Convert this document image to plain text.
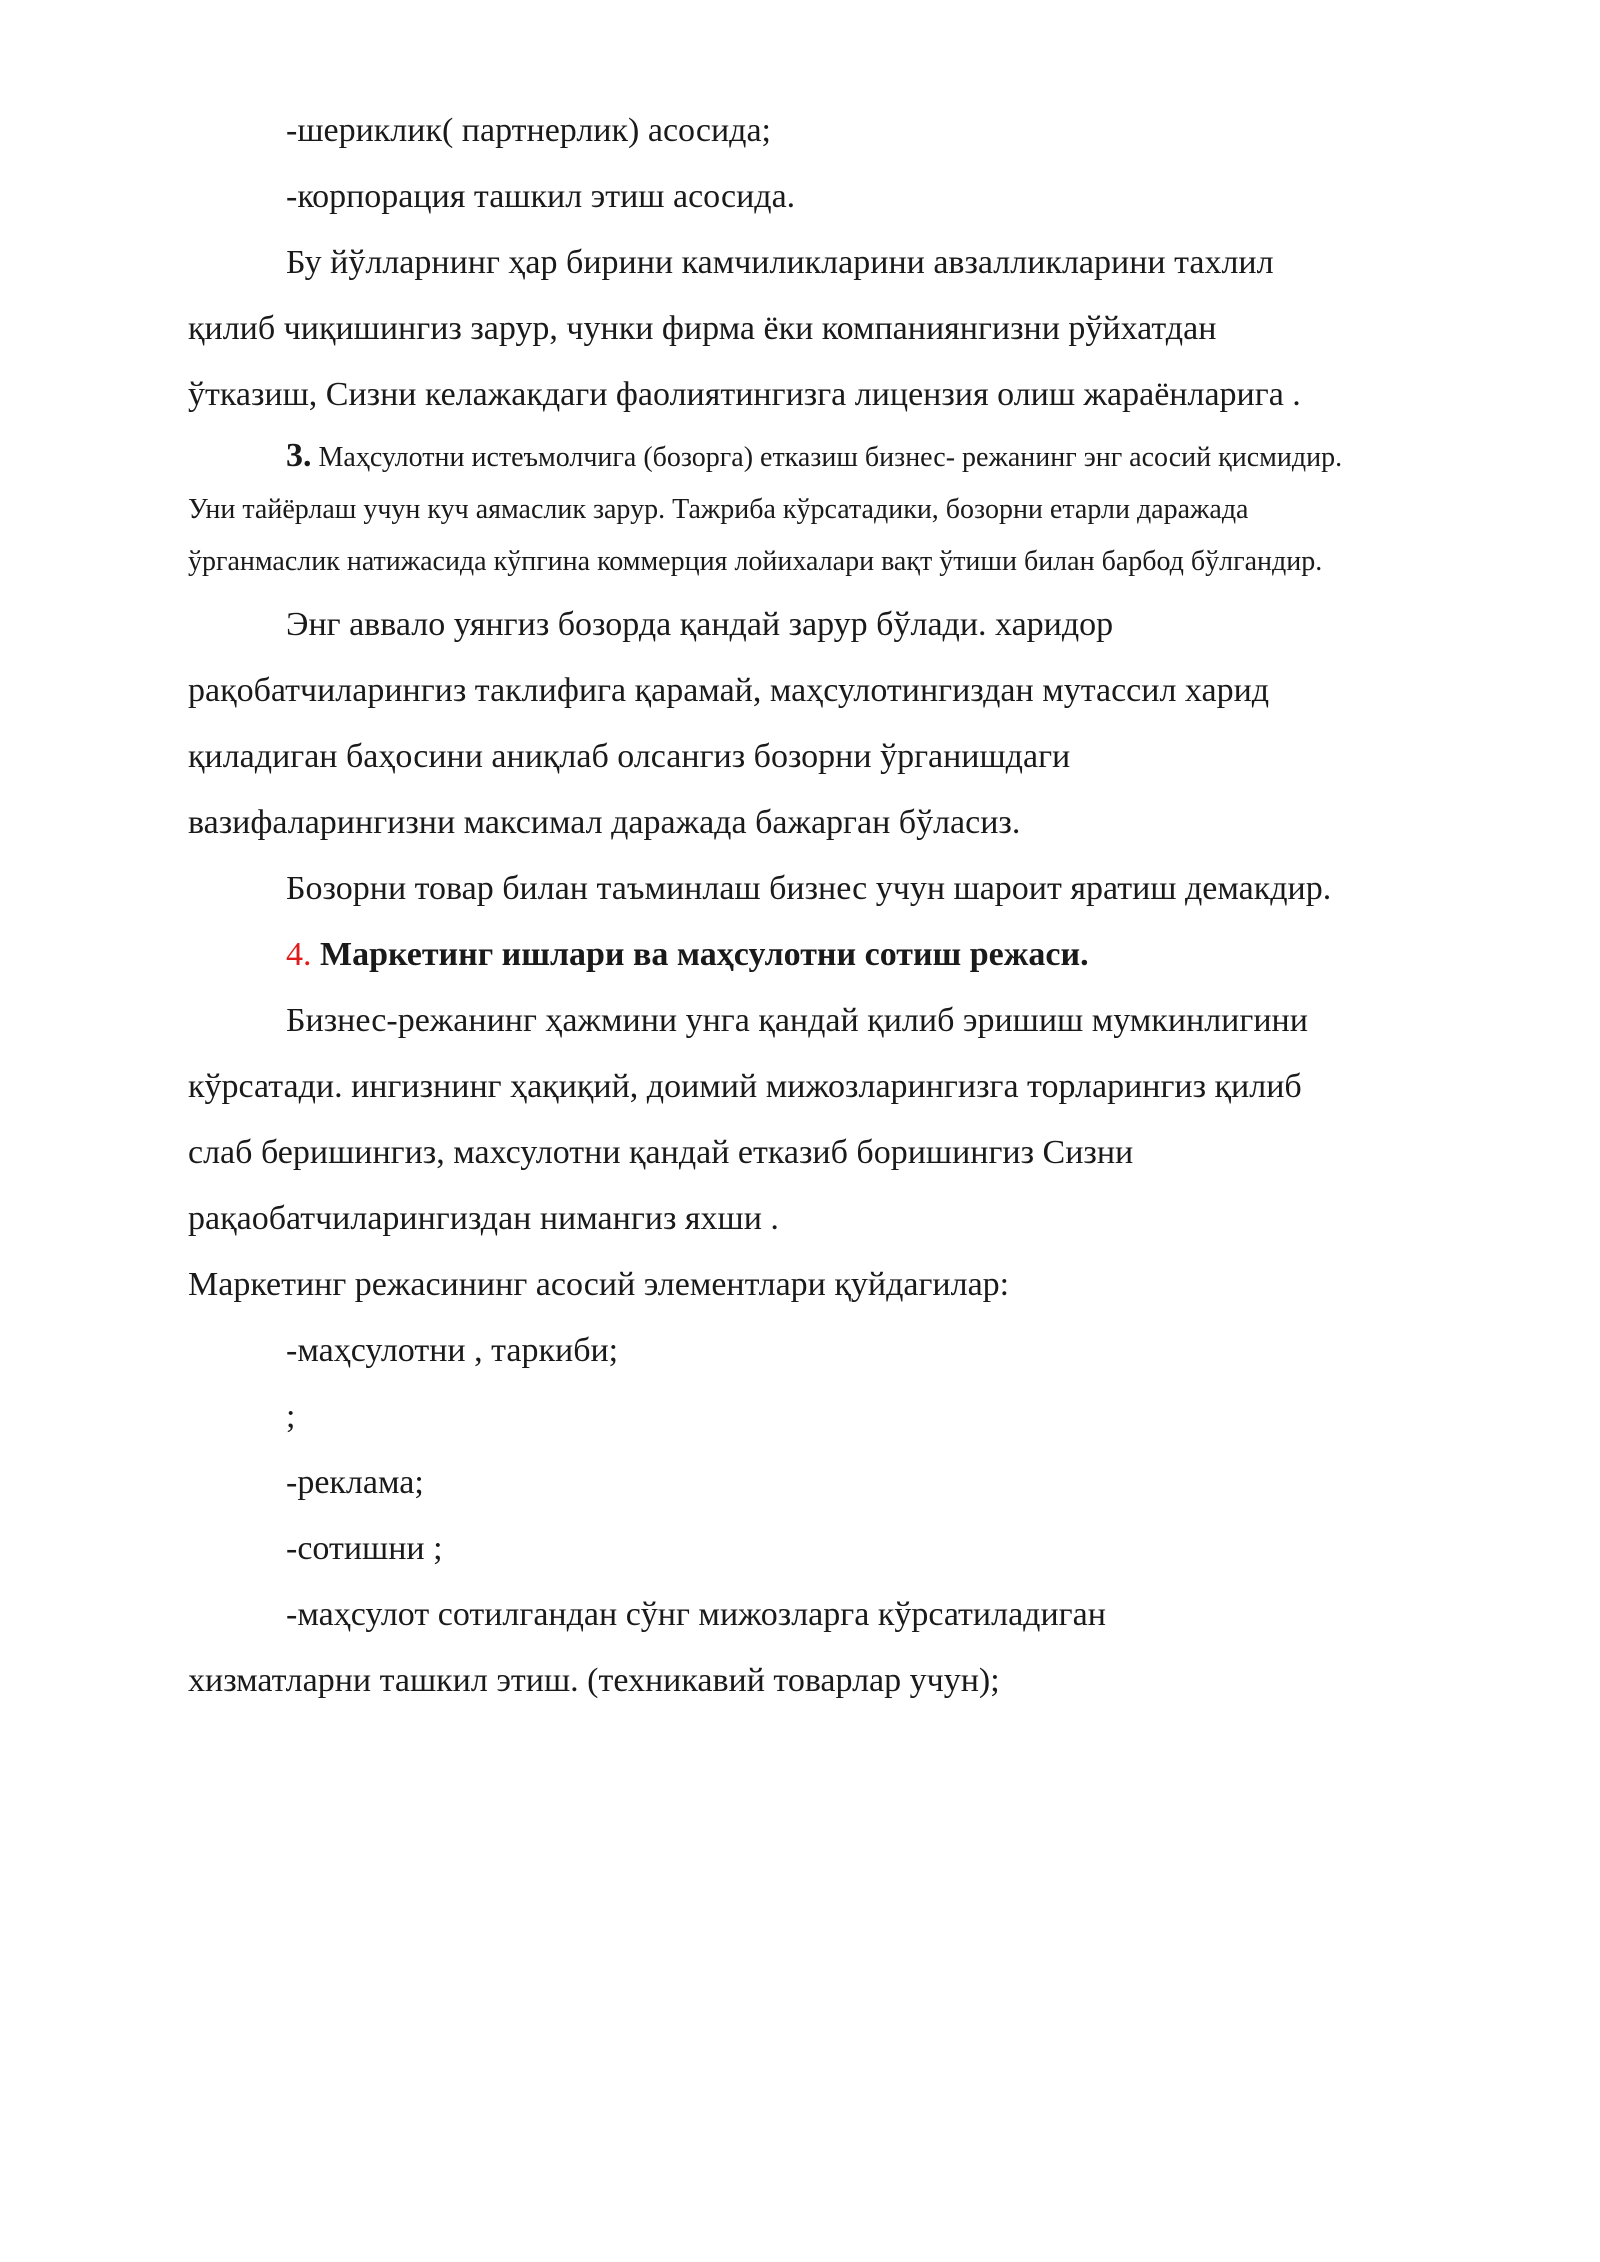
-шериклик( партнерлик) асосида;

-корпорация ташкил этиш асосида.

Бу йўлларнинг ҳар бирини камчиликларини авзалликларини тахлил

қилиб чиқишингиз зарур, чунки фирма ёки компаниянгизни рўйхатдан

ўтказиш, Сизни келажакдаги фаолиятингизга лицензия олиш жараёнларига .

3. Маҳсулотни истеъмолчига (бозорга) етказиш бизнес- режанинг энг асосий қисмидир.

Уни тайёрлаш учун куч аямаслик зарур. Тажриба кўрсатадики, бозорни етарли даражада

ўрганмаслик натижасида кўпгина коммерция лойихалари вақт ўтиши билан барбод бўлгандир.

Энг аввало уянгиз бозорда қандай зарур бўлади. харидор

рақобатчиларингиз таклифига қарамай, маҳсулотингиздан мутассил харид

қиладиган баҳосини аниқлаб олсангиз бозорни ўрганишдаги

вазифаларингизни максимал даражада бажарган бўласиз.

Бозорни товар билан таъминлаш бизнес учун шароит яратиш демакдир.

4. Маркетинг ишлари ва маҳсулотни сотиш режаси.

Бизнес-режанинг ҳажмини унга қандай қилиб эришиш мумкинлигини

кўрсатади. ингизнинг ҳақиқий, доимий мижозларингизга торларингиз қилиб

слаб беришингиз, махсулотни қандай етказиб боришингиз Сизни

рақаобатчиларингиздан нимангиз яхши .

Маркетинг режасининг асосий элементлари қуйдагилар:

-маҳсулотни , таркиби;

;

-реклама;

-сотишни ;

-маҳсулот сотилгандан сўнг мижозларга кўрсатиладиган

хизматларни ташкил этиш. (техникавий товарлар учун);
